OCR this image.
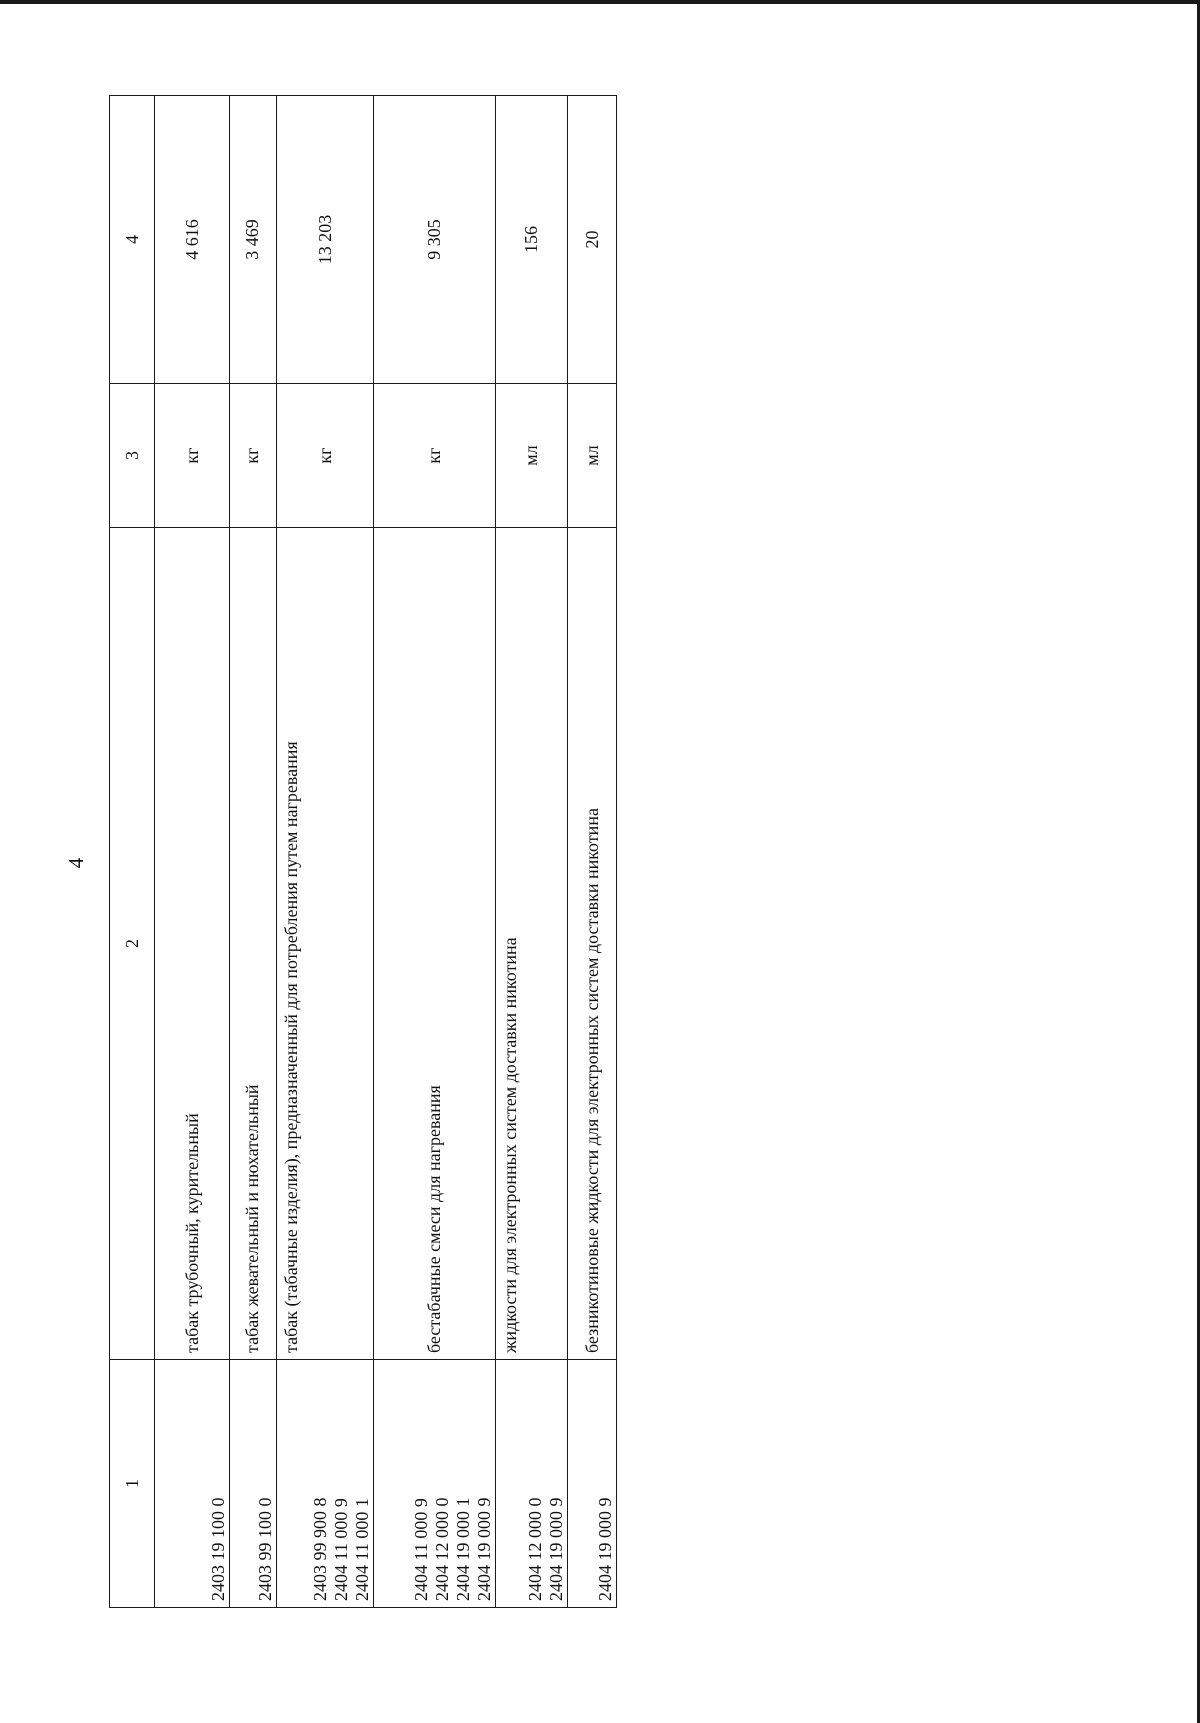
4
1	2	3	4

2403 19 100 0	табак трубочный, курительный	кг	4 616

2403 99 100 0	табак жевательный и нюхательный	кг	3 469

2403 99 900 8 2404 11 000 9 2404 11 000 1	табак (табачные изделия), предназначенный для потребления путем нагревания	кг	13 203

2404 11 000 9 2404 12 000 0 2404 19 000 1 2404 19 000 9	бестабачные смеси для нагревания	кг	9 305

2404 12 000 0 2404 19 000 9	жидкости для электронных систем доставки никотина	мл	156

2404 19 000 9	безникотиновые жидкости для электронных систем доставки никотина	мл	20
